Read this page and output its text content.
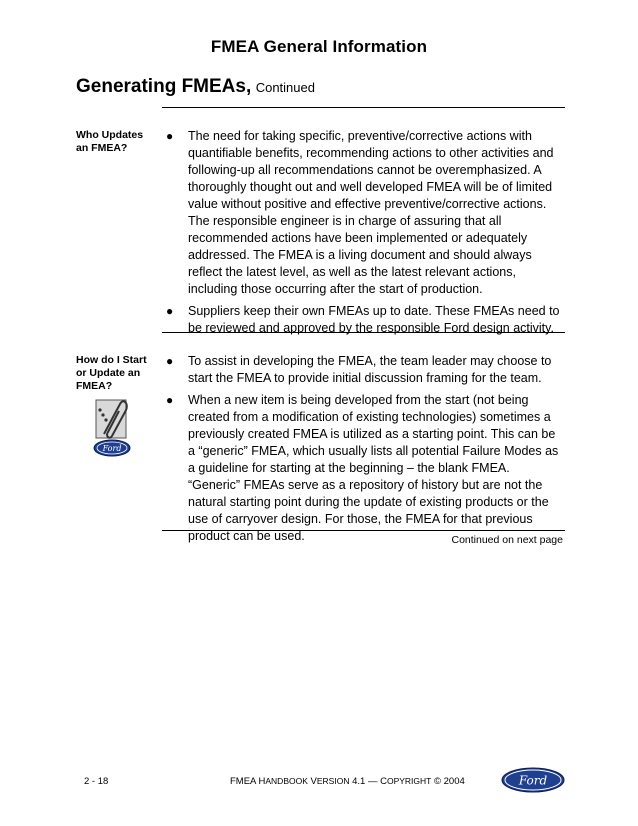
FMEA General Information
Generating FMEAs, Continued
Who Updates an FMEA?
● The need for taking specific, preventive/corrective actions with quantifiable benefits, recommending actions to other activities and following-up all recommendations cannot be overemphasized. A thoroughly thought out and well developed FMEA will be of limited value without positive and effective preventive/corrective actions. The responsible engineer is in charge of assuring that all recommended actions have been implemented or adequately addressed. The FMEA is a living document and should always reflect the latest level, as well as the latest relevant actions, including those occurring after the start of production.
● Suppliers keep their own FMEAs up to date. These FMEAs need to be reviewed and approved by the responsible Ford design activity.
How do I Start or Update an FMEA?
● To assist in developing the FMEA, the team leader may choose to start the FMEA to provide initial discussion framing for the team.
● When a new item is being developed from the start (not being created from a modification of existing technologies) sometimes a previously created FMEA is utilized as a starting point. This can be a “generic” FMEA, which usually lists all potential Failure Modes as a guideline for starting at the beginning – the blank FMEA. “Generic” FMEAs serve as a repository of history but are not the natural starting point during the update of existing products or the use of carryover design. For those, the FMEA for that previous product can be used.
Ford
Continued on next page
2 - 18	FMEA HANDBOOK VERSION 4.1 — COPYRIGHT © 2004	Ford
